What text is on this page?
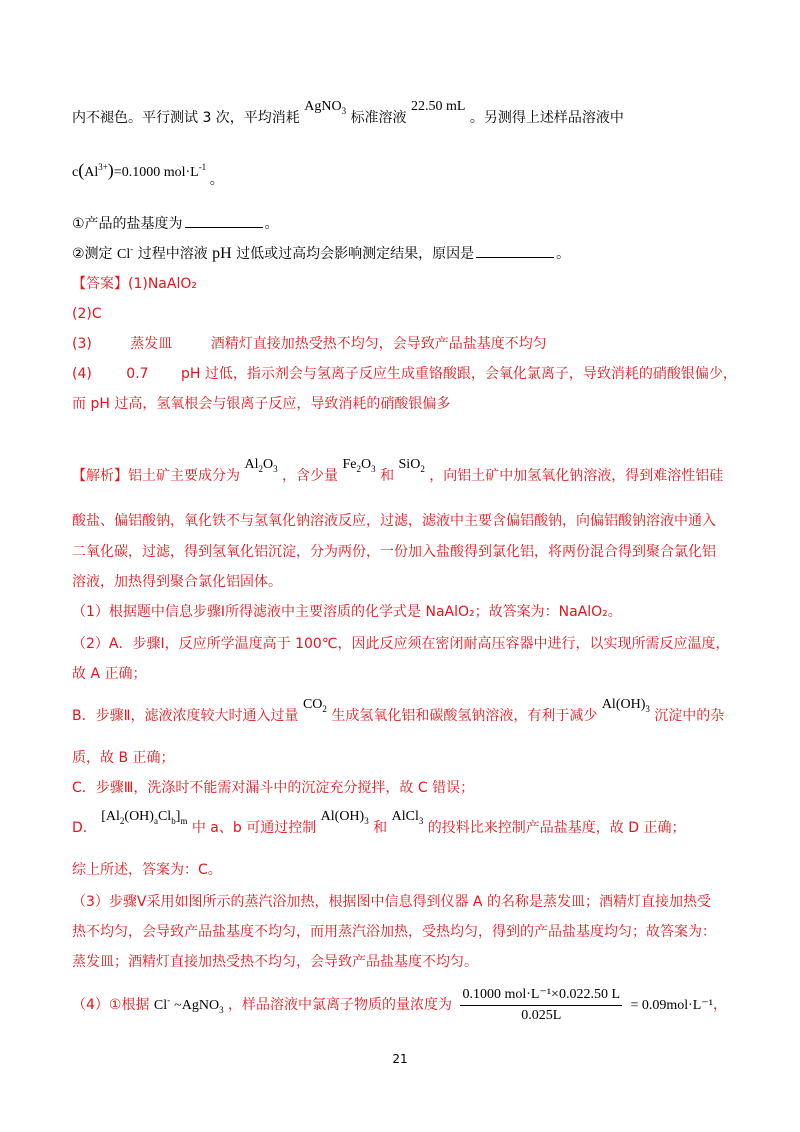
内不褪色。平行测试 3 次，平均消耗 AgNO$_3$ 标准溶液 22.50 mL 。另测得上述样品溶液中
$c(Al^{3+})=0.1000$ $mol\cdot L^{-1}$ 。
①产品的盐基度为	。
②测定 Cl- 过程中溶液 pH 过低或过高均会影响测定结果，原因是	。
【答案】(1)NaAlO₂
(2)C
(3)	蒸发皿	酒精灯直接加热受热不均匀，会导致产品盐基度不均匀
(4) 0.7 pH 过低，指示剂会与氢离子反应生成重铬酸跟，会氧化氯离子，导致消耗的硝酸银偏少，
而 pH 过高，氢氧根会与银离子反应，导致消耗的硝酸银偏多
【解析】铝土矿主要成分为 $Al_2O_3$ ，含少量 $Fe_2O_3$ 和 SiO$_2$ ，向铝土矿中加氢氧化钠溶液，得到难溶性铝硅
酸盐、偏铝酸钠，氧化铁不与氢氧化钠溶液反应，过滤，滤液中主要含偏铝酸钠，向偏铝酸钠溶液中通入
二氧化碳，过滤，得到氢氧化铝沉淀，分为两份，一份加入盐酸得到氯化铝，将两份混合得到聚合氯化铝
溶液，加热得到聚合氯化铝固体。
（1）根据题中信息步骤Ⅰ所得滤液中主要溶质的化学式是 NaAlO₂；故答案为：NaAlO₂。
（2）A．步骤Ⅰ，反应所学温度高于 100℃，因此反应须在密闭耐高压容器中进行，以实现所需反应温度，
故 A 正确；
B．步骤Ⅱ，滤液浓度较大时通入过量 $CO_2$ 生成氢氧化铝和碳酸氢钠溶液，有利于减少 $Al(OH)_3$ 沉淀中的杂
质，故 B 正确；
C．步骤Ⅲ，洗涤时不能需对漏斗中的沉淀充分搅拌，故 C 错误；
D． $[Al_2(OH)_aCl_b]_m$ 中 a、b 可通过控制 $Al(OH)_3$ 和 AlCl$_3$ 的投料比来控制产品盐基度，故 D 正确；
综上所述，答案为：C。
（3）步骤Ⅴ采用如图所示的蒸汽浴加热，根据图中信息得到仪器 A 的名称是蒸发皿；酒精灯直接加热受
热不均匀，会导致产品盐基度不均匀，而用蒸汽浴加热，受热均匀，得到的产品盐基度均匀；故答案为：
蒸发皿；酒精灯直接加热受热不均匀，会导致产品盐基度不均匀。
（4）①根据 Cl- ~AgNO$_3$ ，样品溶液中氯离子物质的量浓度为 $\frac{\text{0.1000 mol·L⁻¹×0.022.50 L}}{0.025L} = 0.09mol\cdot L^{-1}$，
21
